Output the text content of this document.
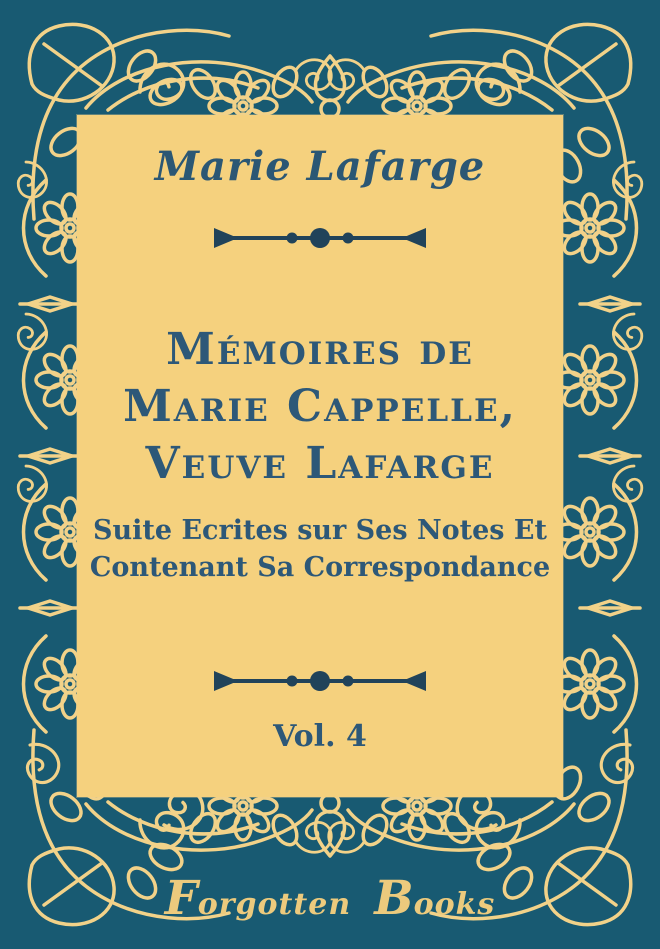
Marie Lafarge
Mémoires de
Marie Cappelle,
Veuve Lafarge
Suite Ecrites sur Ses Notes Et
Contenant Sa Correspondance
Vol. 4
Forgotten Books
